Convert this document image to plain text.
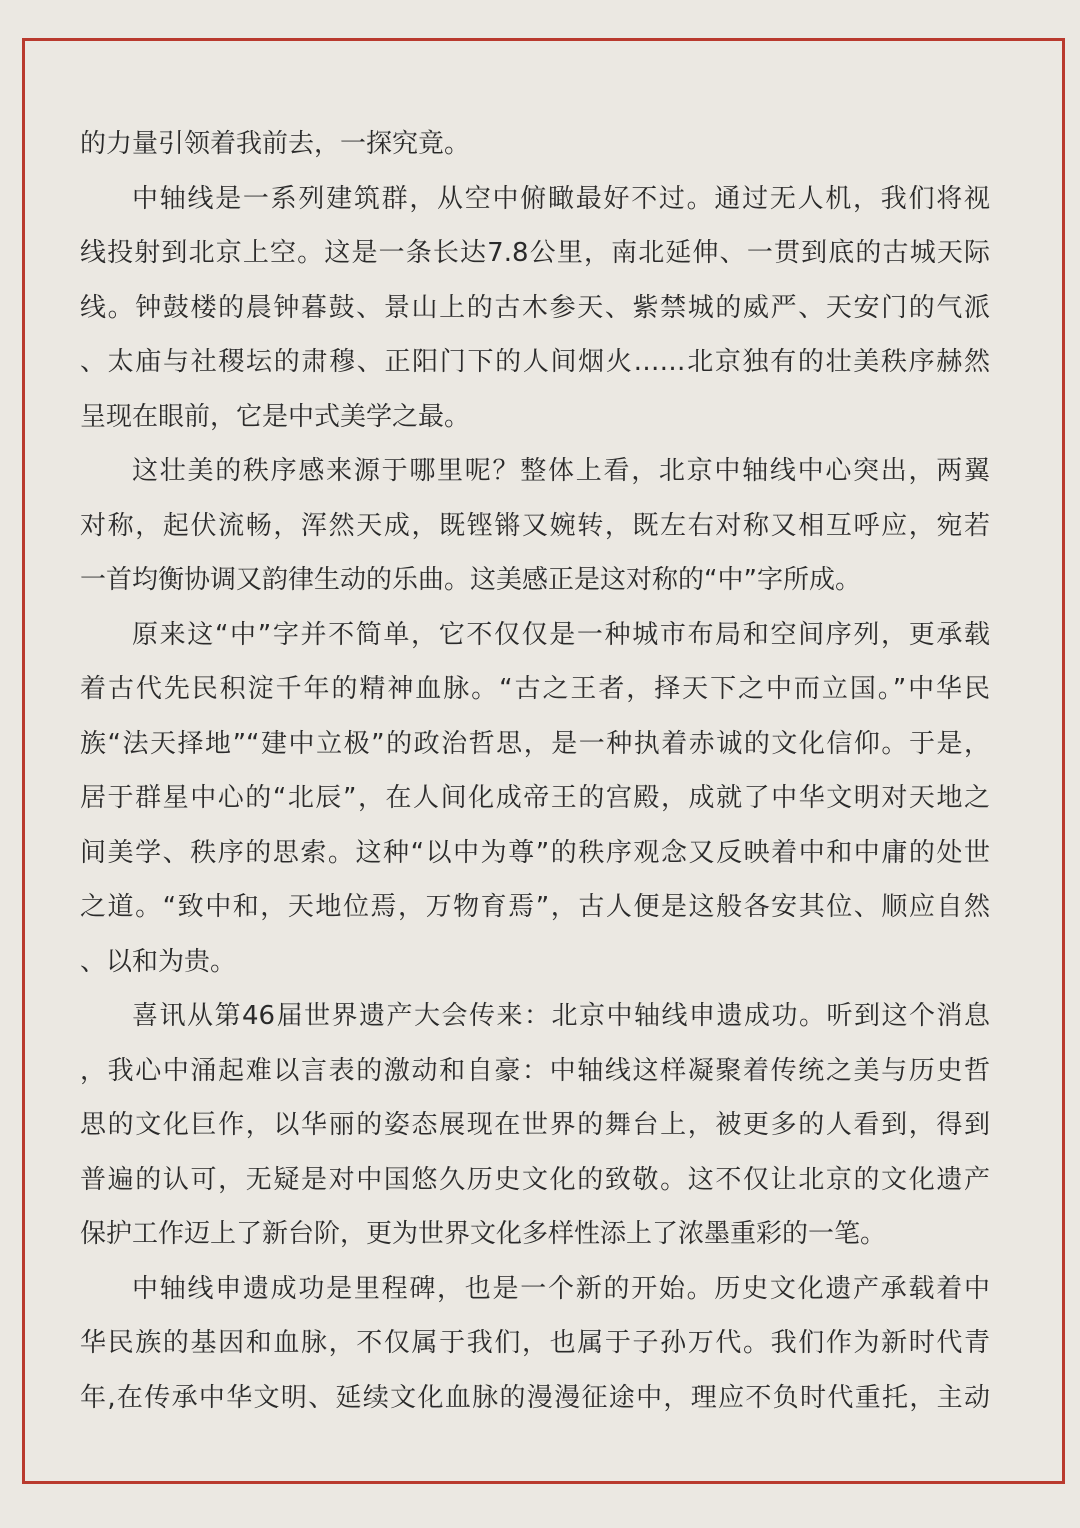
的力量引领着我前去，一探究竟。
中轴线是一系列建筑群，从空中俯瞰最好不过。通过无人机，我们将视
线投射到北京上空。这是一条长达7.8公里，南北延伸、一贯到底的古城天际
线。钟鼓楼的晨钟暮鼓、景山上的古木参天、紫禁城的威严、天安门的气派
、太庙与社稷坛的肃穆、正阳门下的人间烟火……北京独有的壮美秩序赫然
呈现在眼前，它是中式美学之最。
这壮美的秩序感来源于哪里呢？整体上看，北京中轴线中心突出，两翼
对称，起伏流畅，浑然天成，既铿锵又婉转，既左右对称又相互呼应，宛若
一首均衡协调又韵律生动的乐曲。这美感正是这对称的“中”字所成。
原来这“中”字并不简单，它不仅仅是一种城市布局和空间序列，更承载
着古代先民积淀千年的精神血脉。“古之王者，择天下之中而立国。”中华民
族“法天择地”“建中立极”的政治哲思，是一种执着赤诚的文化信仰。于是，
居于群星中心的“北辰”，在人间化成帝王的宫殿，成就了中华文明对天地之
间美学、秩序的思索。这种“以中为尊”的秩序观念又反映着中和中庸的处世
之道。“致中和，天地位焉，万物育焉”，古人便是这般各安其位、顺应自然
、以和为贵。
喜讯从第46届世界遗产大会传来：北京中轴线申遗成功。听到这个消息
，我心中涌起难以言表的激动和自豪：中轴线这样凝聚着传统之美与历史哲
思的文化巨作，以华丽的姿态展现在世界的舞台上，被更多的人看到，得到
普遍的认可，无疑是对中国悠久历史文化的致敬。这不仅让北京的文化遗产
保护工作迈上了新台阶，更为世界文化多样性添上了浓墨重彩的一笔。
中轴线申遗成功是里程碑，也是一个新的开始。历史文化遗产承载着中
华民族的基因和血脉，不仅属于我们，也属于子孙万代。我们作为新时代青
年,在传承中华文明、延续文化血脉的漫漫征途中，理应不负时代重托，主动
